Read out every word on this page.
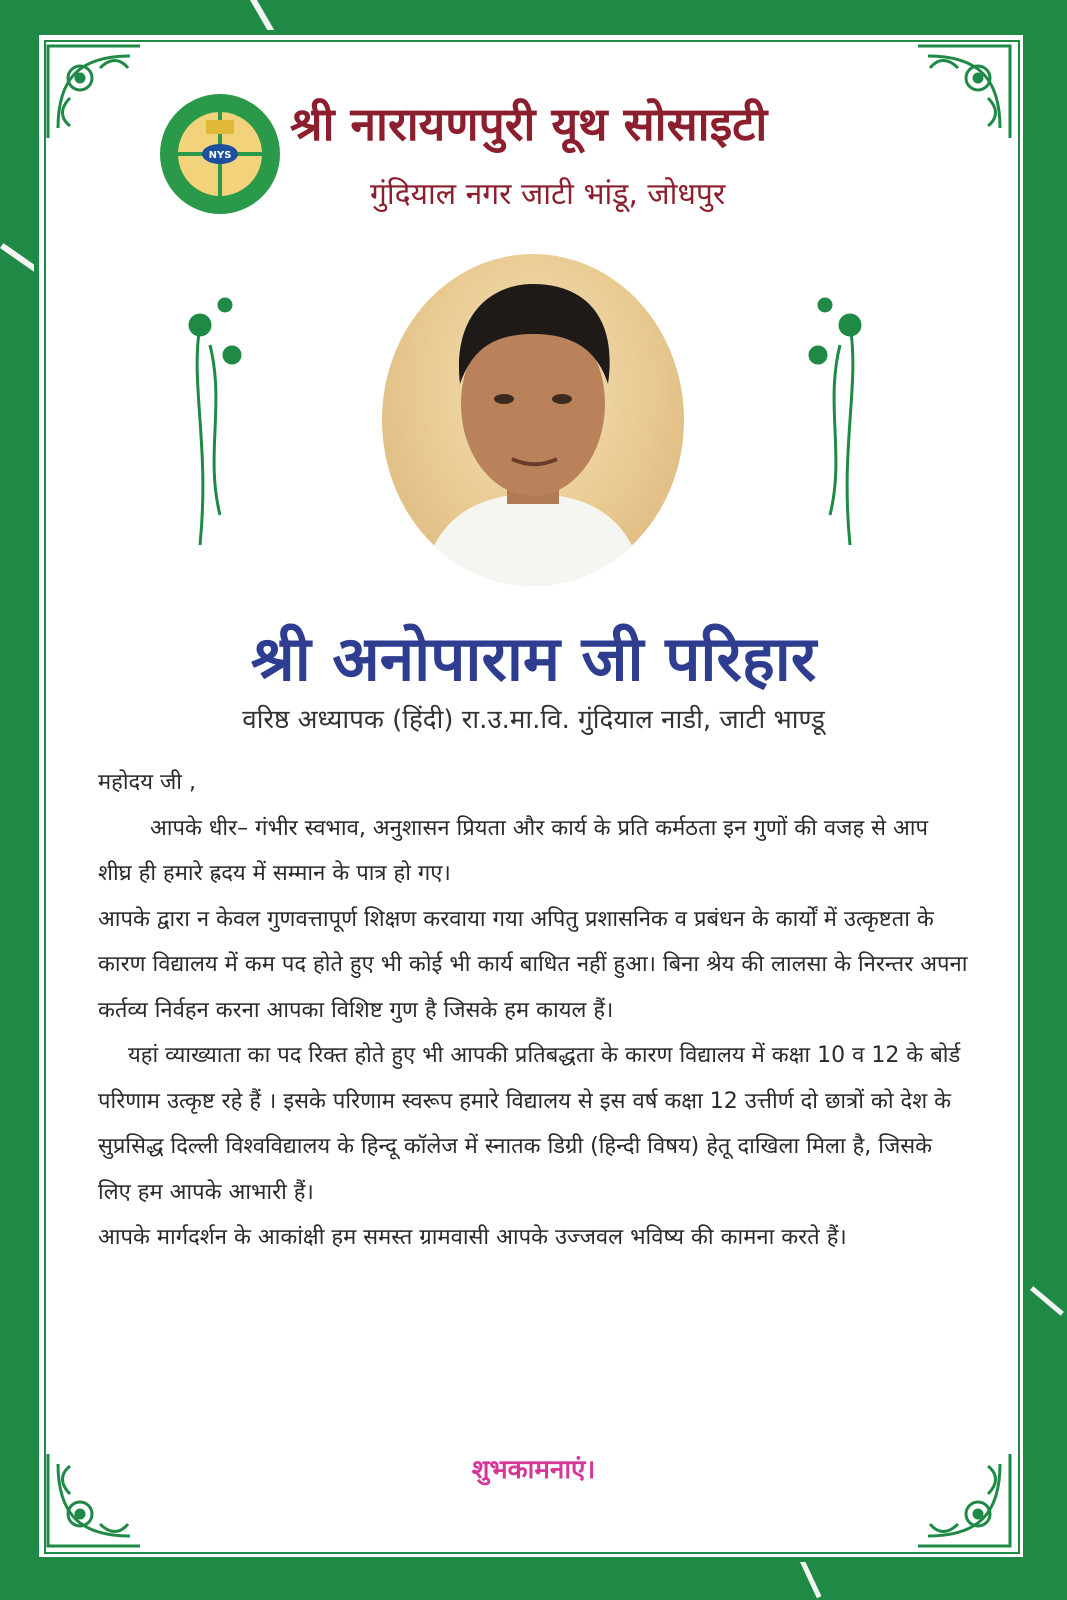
NYS
श्री नारायणपुरी यूथ सोसाइटी
गुंदियाल नगर जाटी भांडू, जोधपुर
श्री अनोपाराम जी परिहार
वरिष्ठ अध्यापक (हिंदी) रा.उ.मा.वि. गुंदियाल नाडी, जाटी भाण्डू

महोदय जी ,

आपके धीर– गंभीर स्वभाव, अनुशासन प्रियता और कार्य के प्रति कर्मठता इन गुणों की वजह से आप शीघ्र ही हमारे ह्रदय में सम्मान के पात्र हो गए।

आपके द्वारा न केवल गुणवत्तापूर्ण शिक्षण करवाया गया अपितु प्रशासनिक व प्रबंधन के कार्यों में उत्कृष्टता के कारण विद्यालय में कम पद होते हुए भी कोई भी कार्य बाधित नहीं हुआ। बिना श्रेय की लालसा के निरन्तर अपना कर्तव्य निर्वहन करना आपका विशिष्ट गुण है जिसके हम कायल हैं।

यहां व्याख्याता का पद रिक्त होते हुए भी आपकी प्रतिबद्धता के कारण विद्यालय में कक्षा 10 व 12 के बोर्ड परिणाम उत्कृष्ट रहे हैं । इसके परिणाम स्वरूप हमारे विद्यालय से इस वर्ष कक्षा 12 उत्तीर्ण दो छात्रों को देश के सुप्रसिद्ध दिल्ली विश्वविद्यालय के हिन्दू कॉलेज में स्नातक डिग्री (हिन्दी विषय) हेतू दाखिला मिला है, जिसके लिए हम आपके आभारी हैं।

आपके मार्गदर्शन के आकांक्षी हम समस्त ग्रामवासी आपके उज्जवल भविष्य की कामना करते हैं।

शुभकामनाएं।
